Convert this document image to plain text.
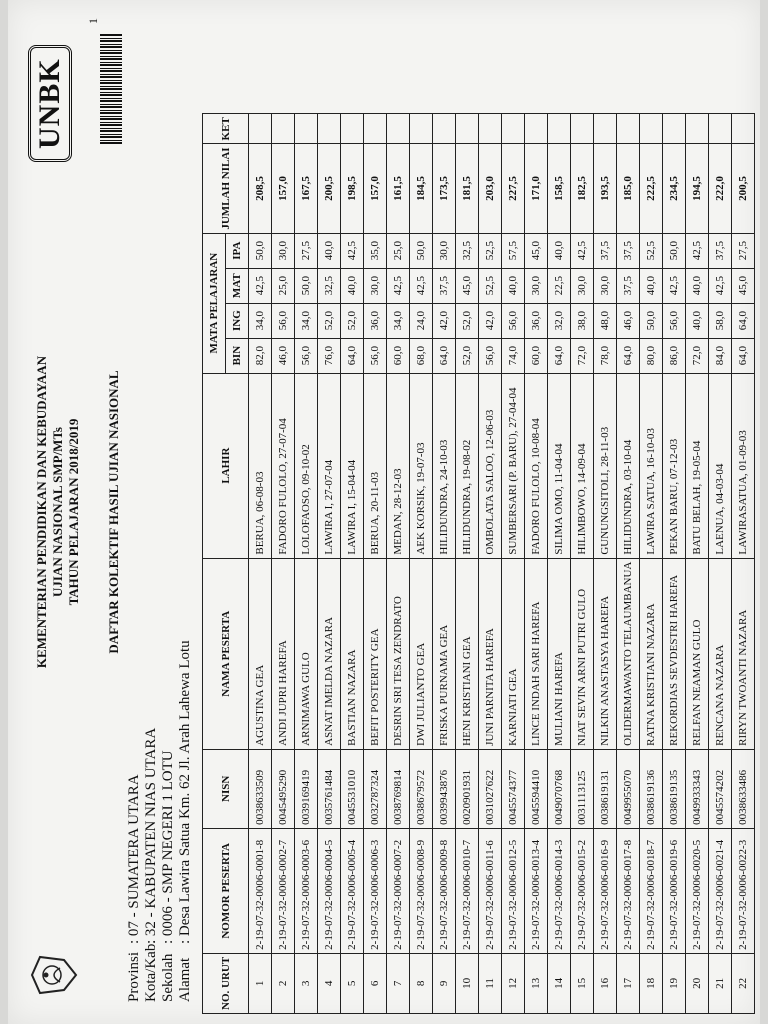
KEMENTERIAN PENDIDIKAN DAN KEBUDAYAAN UJIAN NASIONAL SMP/MTs TAHUN PELAJARAN 2018/2019
UNBK
1
DAFTAR KOLEKTIF HASIL UJIAN NASIONAL
Provinsi: 07 - SUMATERA UTARA
Kota/Kab.: 32 - KABUPATEN NIAS UTARA
Sekolah: 0006 - SMP NEGERI 1 LOTU
Alamat: Desa Lawira Satua Km. 62 Jl. Arah Lahewa Lotu
NO. URUT	NOMOR PESERTA	NISN	NAMA PESERTA	LAHIR	MATA PELAJARAN				JUMLAH NILAI	KET
					BIN	ING	MAT	IPA		
1	2-19-07-32-0006-0001-8	0038633509	AGUSTINA GEA	BERUA, 06-08-03	82,0	34,0	42,5	50,0	208,5	
2	2-19-07-32-0006-0002-7	0045495290	ANDI JUPRI HAREFA	FADORO FULOLO, 27-07-04	46,0	56,0	25,0	30,0	157,0	
3	2-19-07-32-0006-0003-6	0039169419	ARNIMAWA GULO	LOLOFAOSO, 09-10-02	56,0	34,0	50,0	27,5	167,5	
4	2-19-07-32-0006-0004-5	0035761484	ASNAT IMELDA NAZARA	LAWIRA I, 27-07-04	76,0	52,0	32,5	40,0	200,5	
5	2-19-07-32-0006-0005-4	0045531010	BASTIAN NAZARA	LAWIRA I, 15-04-04	64,0	52,0	40,0	42,5	198,5	
6	2-19-07-32-0006-0006-3	0032787324	BEFIT POSTERITY GEA	BERUA, 20-11-03	56,0	36,0	30,0	35,0	157,0	
7	2-19-07-32-0006-0007-2	0038769814	DESRIN SRI TESA ZENDRATO	MEDAN, 28-12-03	60,0	34,0	42,5	25,0	161,5	
8	2-19-07-32-0006-0008-9	0038679572	DWI JULIANTO GEA	AEK KORSIK, 19-07-03	68,0	24,0	42,5	50,0	184,5	
9	2-19-07-32-0006-0009-8	0039943876	FRISKA PURNAMA GEA	HILIDUNDRA, 24-10-03	64,0	42,0	37,5	30,0	173,5	
10	2-19-07-32-0006-0010-7	0020901931	HENI KRISTIANI GEA	HILIDUNDRA, 19-08-02	52,0	52,0	45,0	32,5	181,5	
11	2-19-07-32-0006-0011-6	0031027622	JUNI PARNITA HAREFA	OMBOLATA SALOO, 12-06-03	56,0	42,0	52,5	52,5	203,0	
12	2-19-07-32-0006-0012-5	0045574377	KARNIATI GEA	SUMBERSARI (P. BARU), 27-04-04	74,0	56,0	40,0	57,5	227,5	
13	2-19-07-32-0006-0013-4	0045594410	LINCE INDAH SARI HAREFA	FADORO FULOLO, 10-08-04	60,0	36,0	30,0	45,0	171,0	
14	2-19-07-32-0006-0014-3	0049070768	MULIANI HAREFA	SILIMA OMO, 11-04-04	64,0	32,0	22,5	40,0	158,5	
15	2-19-07-32-0006-0015-2	0031113125	NIAT SEVIN ARNI PUTRI GULO	HILIMBOWO, 14-09-04	72,0	38,0	30,0	42,5	182,5	
16	2-19-07-32-0006-0016-9	0038619131	NILKIN ANASTASYA HAREFA	GUNUNGSITOLI, 28-11-03	78,0	48,0	30,0	37,5	193,5	
17	2-19-07-32-0006-0017-8	0049955070	OLIDERMAWANTO TELAUMBANUA	HILIDUNDRA, 03-10-04	64,0	46,0	37,5	37,5	185,0	
18	2-19-07-32-0006-0018-7	0038619136	RATNA KRISTIANI NAZARA	LAWIRA SATUA, 16-10-03	80,0	50,0	40,0	52,5	222,5	
19	2-19-07-32-0006-0019-6	0038619135	REKORDIAS SEVDESTRI HAREFA	PEKAN BARU, 07-12-03	86,0	56,0	42,5	50,0	234,5	
20	2-19-07-32-0006-0020-5	0049933343	RELFAN NEAMAN GULO	BATU BELAH, 19-05-04	72,0	40,0	40,0	42,5	194,5	
21	2-19-07-32-0006-0021-4	0045574202	RENCANA NAZARA	LAENUA, 04-03-04	84,0	58,0	42,5	37,5	222,0	
22	2-19-07-32-0006-0022-3	0038633486	RIRYN TWOANTI NAZARA	LAWIRASATUA, 01-09-03	64,0	64,0	45,0	27,5	200,5	
